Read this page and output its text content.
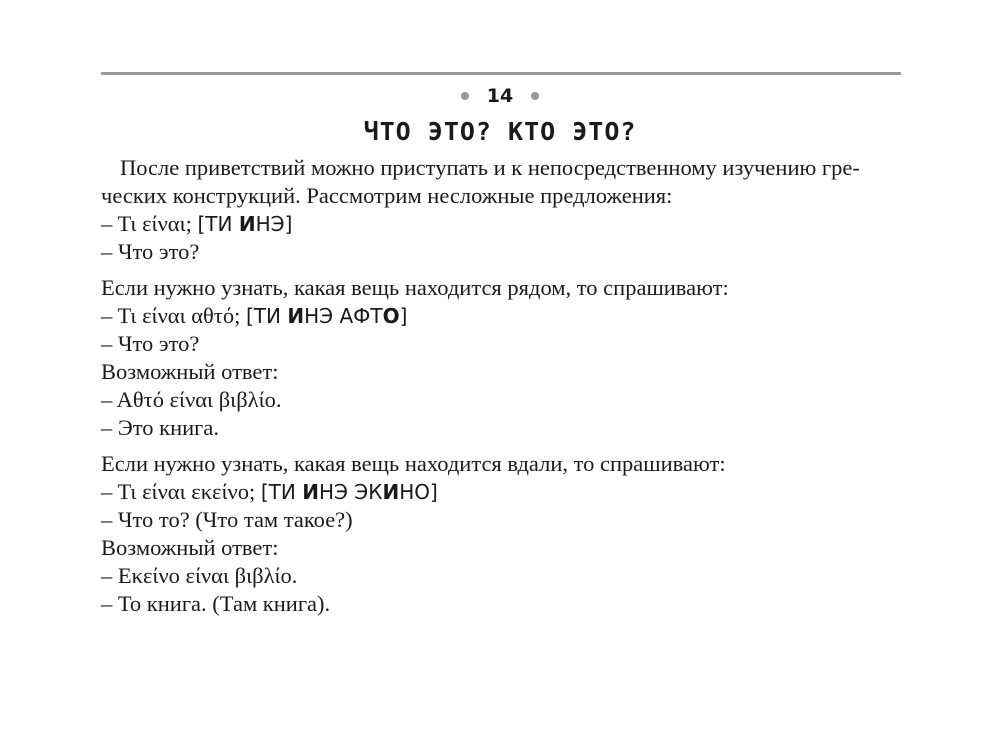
14
ЧТО ЭТО? КТО ЭТО?
После приветствий можно приступать и к непосредственному изучению гре-
ческих конструкций. Рассмотрим несложные предложения:
– Τι είναι; [ТИ ИНЭ]
– Что это?
Если нужно узнать, какая вещь находится рядом, то спрашивают:
– Τι είναι αθτό; [ТИ ИНЭ АФТО]
– Что это?
Возможный ответ:
– Αθτό είναι βιβλίο.
– Это книга.
Если нужно узнать, какая вещь находится вдали, то спрашивают:
– Τι είναι εκείνο; [ТИ ИНЭ ЭКИНО]
– Что то? (Что там такое?)
Возможный ответ:
– Εκείνο είναι βιβλίο.
– То книга. (Там книга).
